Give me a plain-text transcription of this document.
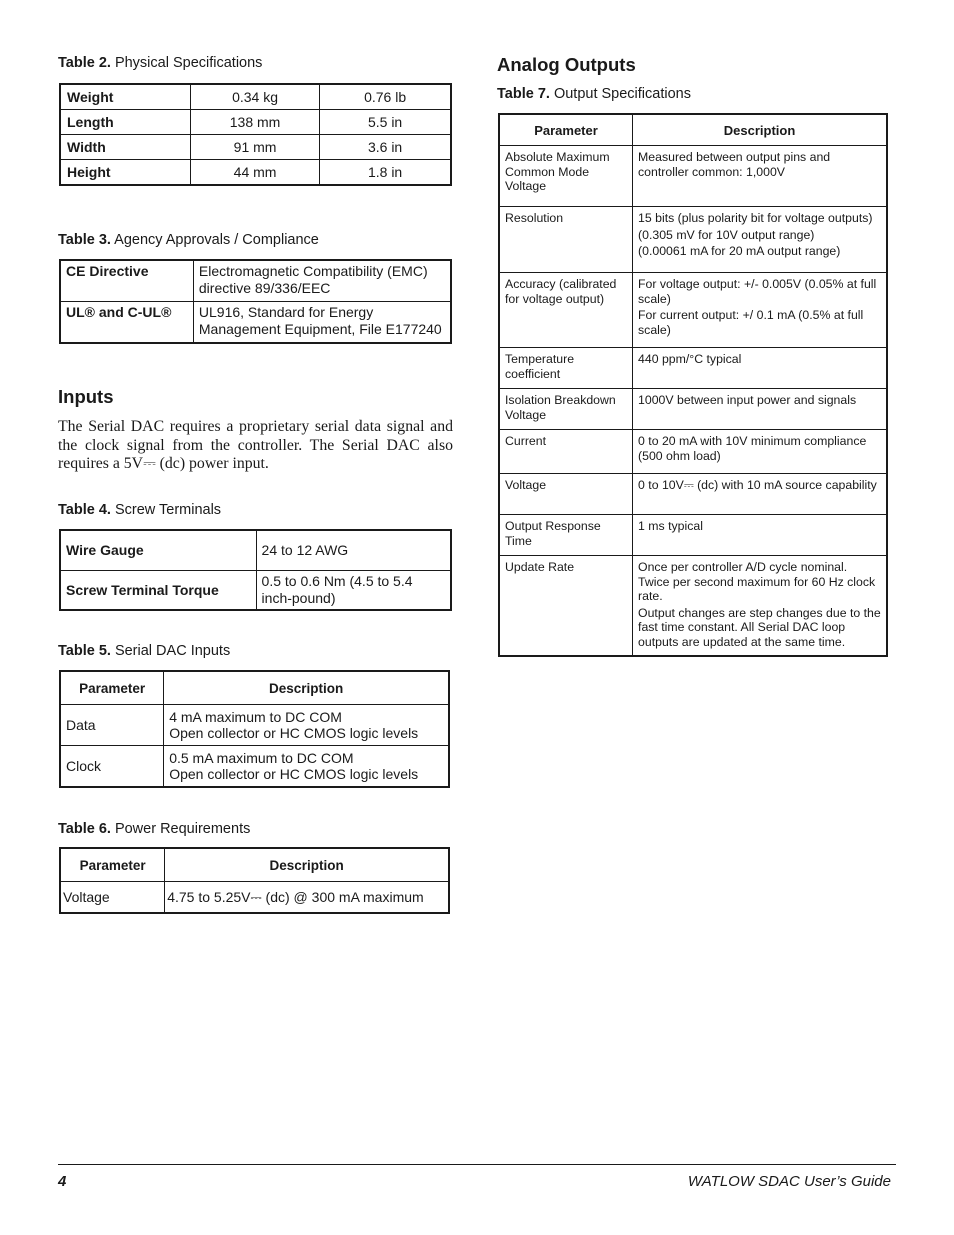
Table 2. Physical Specifications
Weight	0.34 kg	0.76 lb
Length	138 mm	5.5 in
Width	91 mm	3.6 in
Height	44 mm	1.8 in
Table 3. Agency Approvals / Compliance
CE Directive	Electromagnetic Compatibility (EMC) directive 89/336/EEC
UL® and C-UL®	UL916, Standard for Energy Management Equipment, File E177240
Inputs
The Serial DAC requires a proprietary serial data signal and the clock signal from the controller. The Serial DAC also requires a 5V⎓ (dc) power input.
Table 4. Screw Terminals
Wire Gauge	24 to 12 AWG
Screw Terminal Torque	0.5 to 0.6 Nm (4.5 to 5.4 inch-pound)
Table 5. Serial DAC Inputs
Parameter	Description
Data	4 mA maximum to DC COM
Open collector or HC CMOS logic levels

Clock	0.5 mA maximum to DC COM
Open collector or HC CMOS logic levels
Table 6. Power Requirements
Parameter	Description
Voltage	4.75 to 5.25V⎓ (dc) @ 300 mA maximum
Analog Outputs
Table 7. Output Specifications
Parameter	Description
Absolute Maximum Common Mode Voltage	Measured between output pins and controller common: 1,000V

Resolution	15 bits (plus polarity bit for voltage outputs)

(0.305 mV for 10V output range)

(0.00061 mA for 20 mA output range)

Accuracy (calibrated for voltage output)	For voltage output: +/- 0.005V (0.05% at full scale)

For current output: +/ 0.1 mA (0.5% at full scale)

Temperature coefficient	440 ppm/°C typical

Isolation Breakdown Voltage	1000V between input power and signals

Current	0 to 20 mA with 10V minimum compliance (500 ohm load)

Voltage	0 to 10V⎓ (dc) with 10 mA source capability

Output Response Time	1 ms typical

Update Rate	Once per controller A/D cycle nominal. Twice per second maximum for 60 Hz clock rate.

Output changes are step changes due to the fast time constant. All Serial DAC loop outputs are updated at the same time.

4	WATLOW SDAC User’s Guide
